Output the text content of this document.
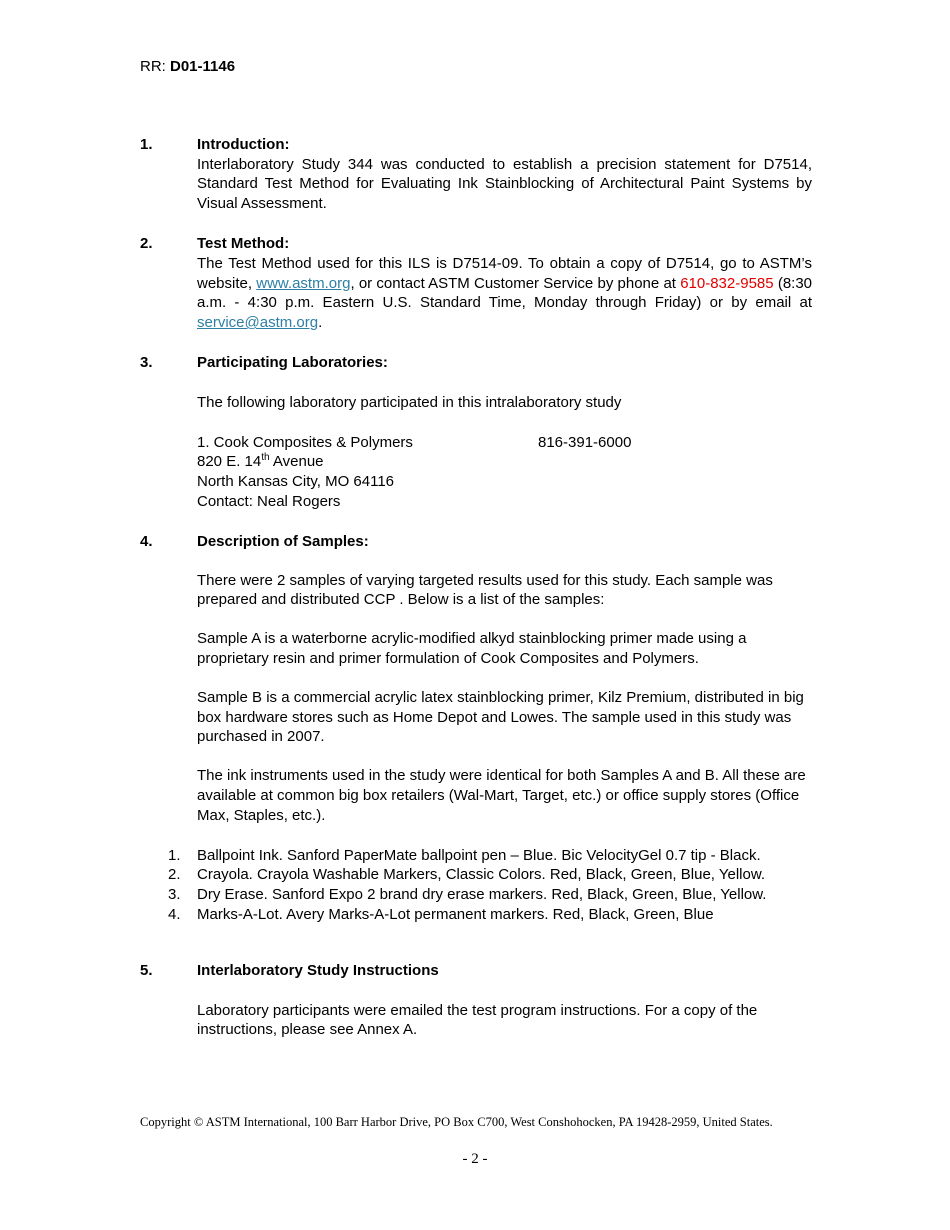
RR: D01-1146
1.	Introduction:

Interlaboratory Study 344 was conducted to establish a precision statement for D7514, Standard Test Method for Evaluating Ink Stainblocking of Architectural Paint Systems by Visual Assessment.

2.	Test Method:

The Test Method used for this ILS is D7514-09. To obtain a copy of D7514, go to ASTM’s website, www.astm.org, or contact ASTM Customer Service by phone at 610-832-9585 (8:30 a.m. - 4:30 p.m. Eastern U.S. Standard Time, Monday through Friday) or by email at service@astm.org.

3.	Participating Laboratories:

The following laboratory participated in this intralaboratory study

1. Cook Composites & Polymers	816-391-6000
820 E. 14th Avenue
North Kansas City, MO 64116
Contact: Neal Rogers
4.	Description of Samples:

There were 2 samples of varying targeted results used for this study. Each sample was prepared and distributed CCP . Below is a list of the samples:

Sample A is a waterborne acrylic-modified alkyd stainblocking primer made using a proprietary resin and primer formulation of Cook Composites and Polymers.

Sample B is a commercial acrylic latex stainblocking primer, Kilz Premium, distributed in big box hardware stores such as Home Depot and Lowes. The sample used in this study was purchased in 2007.

The ink instruments used in the study were identical for both Samples A and B. All these are available at common big box retailers (Wal-Mart, Target, etc.) or office supply stores (Office Max, Staples, etc.).

1.	Ballpoint Ink. Sanford PaperMate ballpoint pen – Blue. Bic VelocityGel 0.7 tip - Black.
2.	Crayola. Crayola Washable Markers, Classic Colors. Red, Black, Green, Blue, Yellow.
3.	Dry Erase. Sanford Expo 2 brand dry erase markers. Red, Black, Green, Blue, Yellow.
4.	Marks-A-Lot. Avery Marks-A-Lot permanent markers. Red, Black, Green, Blue
5.	Interlaboratory Study Instructions

Laboratory participants were emailed the test program instructions. For a copy of the instructions, please see Annex A.

Copyright © ASTM International, 100 Barr Harbor Drive, PO Box C700, West Conshohocken, PA 19428-2959, United States.
- 2 -
